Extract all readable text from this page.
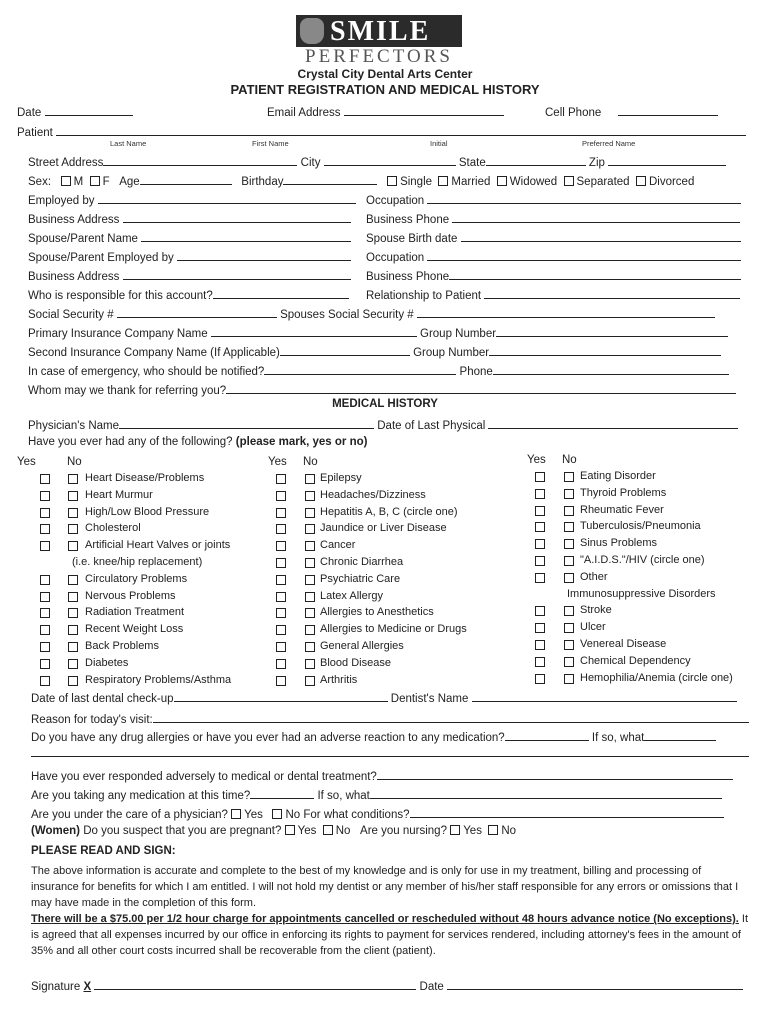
SMILE
PERFECTORS
Crystal City Dental Arts Center
PATIENT REGISTRATION AND MEDICAL HISTORY
Date	Email Address	Cell Phone
Patient
Last Name	First Name	Initial	Preferred Name
Street Address	City	State	Zip
Sex: M F Age	Birthday	Single Married Widowed Separated Divorced
Employed by	Occupation
Business Address	Business Phone
Spouse/Parent Name	Spouse Birth date
Spouse/Parent Employed by	Occupation
Business Address	Business Phone
Who is responsible for this account?	Relationship to Patient
Social Security #	Spouses Social Security #
Primary Insurance Company Name	Group Number
Second Insurance Company Name (If Applicable)	Group Number
In case of emergency, who should be notified?	Phone
Whom may we thank for referring you?
MEDICAL HISTORY
Physician's Name	Date of Last Physical
Have you ever had any of the following? (please mark, yes or no)
Yes	No	Yes No	Yes No
Heart Disease/Problems
Heart Murmur
High/Low Blood Pressure
Cholesterol
Artificial Heart Valves or joints
(i.e. knee/hip replacement)
Circulatory Problems
Nervous Problems
Radiation Treatment
Recent Weight Loss
Back Problems
Diabetes
Respiratory Problems/Asthma
Epilepsy
Headaches/Dizziness
Hepatitis A, B, C (circle one)
Jaundice or Liver Disease
Cancer
Chronic Diarrhea
Psychiatric Care
Latex Allergy
Allergies to Anesthetics
Allergies to Medicine or Drugs
General Allergies
Blood Disease
Arthritis
Eating Disorder
Thyroid Problems
Rheumatic Fever
Tuberculosis/Pneumonia
Sinus Problems
"A.I.D.S."/HIV (circle one)
Other
Immunosuppressive Disorders
Stroke
Ulcer
Venereal Disease
Chemical Dependency
Hemophilia/Anemia (circle one)
Date of last dental check-up	Dentist's Name
Reason for today's visit:
Do you have any drug allergies or have you ever had an adverse reaction to any medication?	If so, what
Have you ever responded adversely to medical or dental treatment?
Are you taking any medication at this time?	If so, what
Are you under the care of a physician? Yes No For what conditions?
(Women) Do you suspect that you are pregnant? Yes No Are you nursing? Yes No
PLEASE READ AND SIGN:
The above information is accurate and complete to the best of my knowledge and is only for use in my treatment, billing and processing of insurance for benefits for which I am entitled. I will not hold my dentist or any member of his/her staff responsible for any errors or omissions that I may have made in the completion of this form.
There will be a $75.00 per 1/2 hour charge for appointments cancelled or rescheduled without 48 hours advance notice (No exceptions). It is agreed that all expenses incurred by our office in enforcing its rights to payment for services rendered, including attorney's fees in the amount of 35% and all other court costs incurred shall be recoverable from the client (patient).
Signature X	Date
